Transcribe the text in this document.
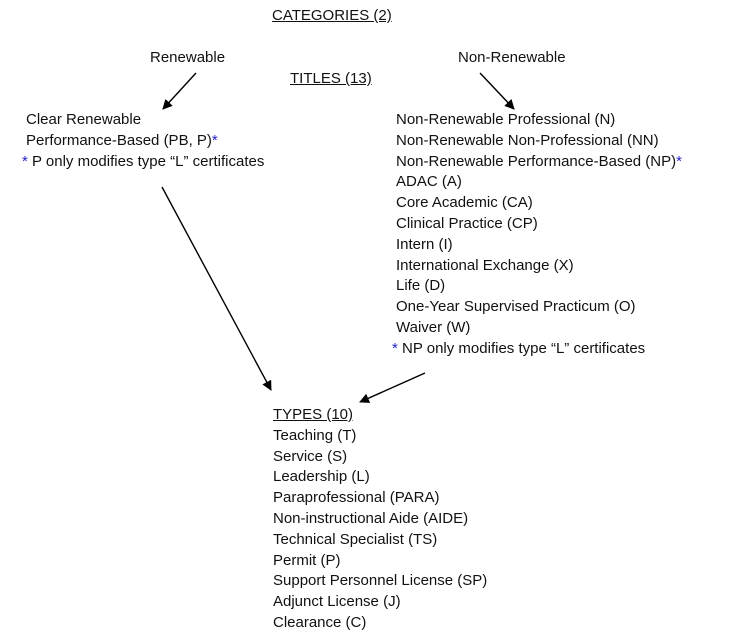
CATEGORIES (2)
Renewable	Non-Renewable
TITLES (13)
Clear Renewable
Performance-Based (PB, P)*
* P only modifies type “L” certificates
Non-Renewable Professional (N)
Non-Renewable Non-Professional (NN)
Non-Renewable Performance-Based (NP)*
ADAC (A)
Core Academic (CA)
Clinical Practice (CP)
Intern (I)
International Exchange (X)
Life (D)
One-Year Supervised Practicum (O)
Waiver (W)
* NP only modifies type “L” certificates
TYPES (10)
Teaching (T)
Service (S)
Leadership (L)
Paraprofessional (PARA)
Non-instructional Aide (AIDE)
Technical Specialist (TS)
Permit (P)
Support Personnel License (SP)
Adjunct License (J)
Clearance (C)
